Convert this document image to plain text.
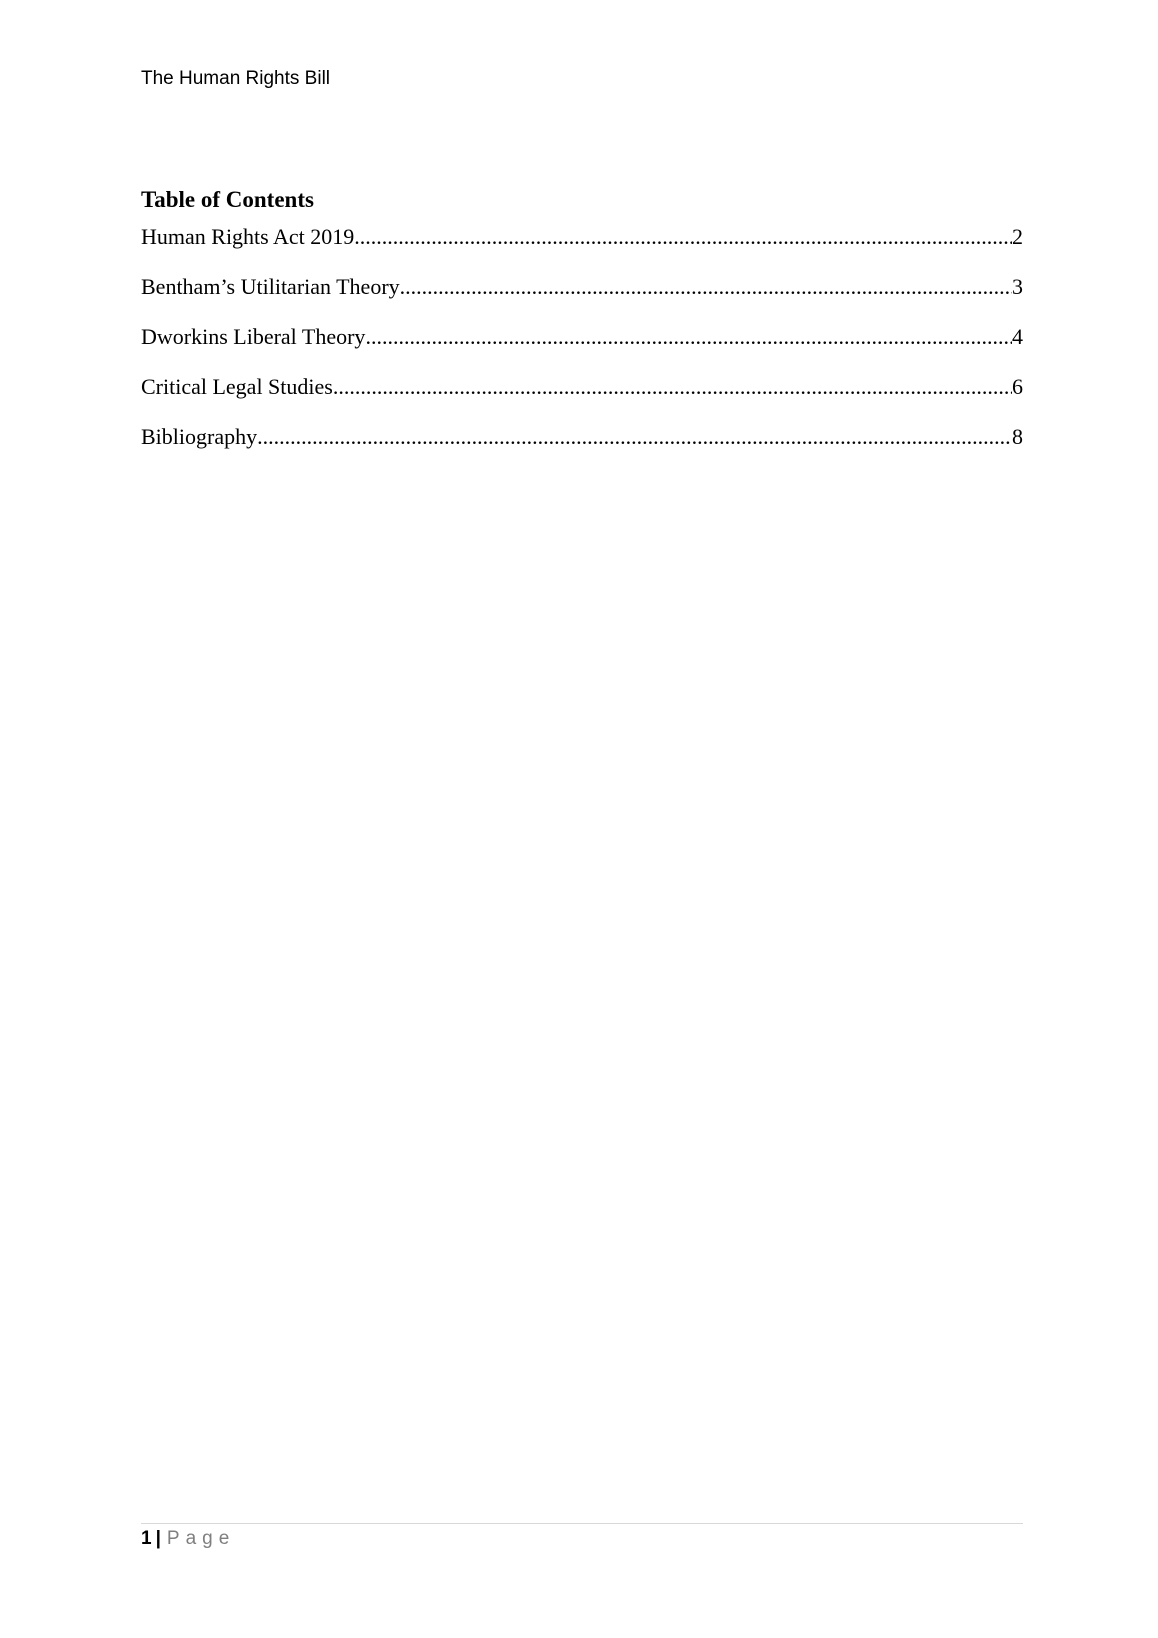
The Human Rights Bill
Table of Contents
Human Rights Act 2019 .....	2
Bentham’s Utilitarian Theory .....	3
Dworkins Liberal Theory .....	4
Critical Legal Studies .....	6
Bibliography .....	8
1 | Page
